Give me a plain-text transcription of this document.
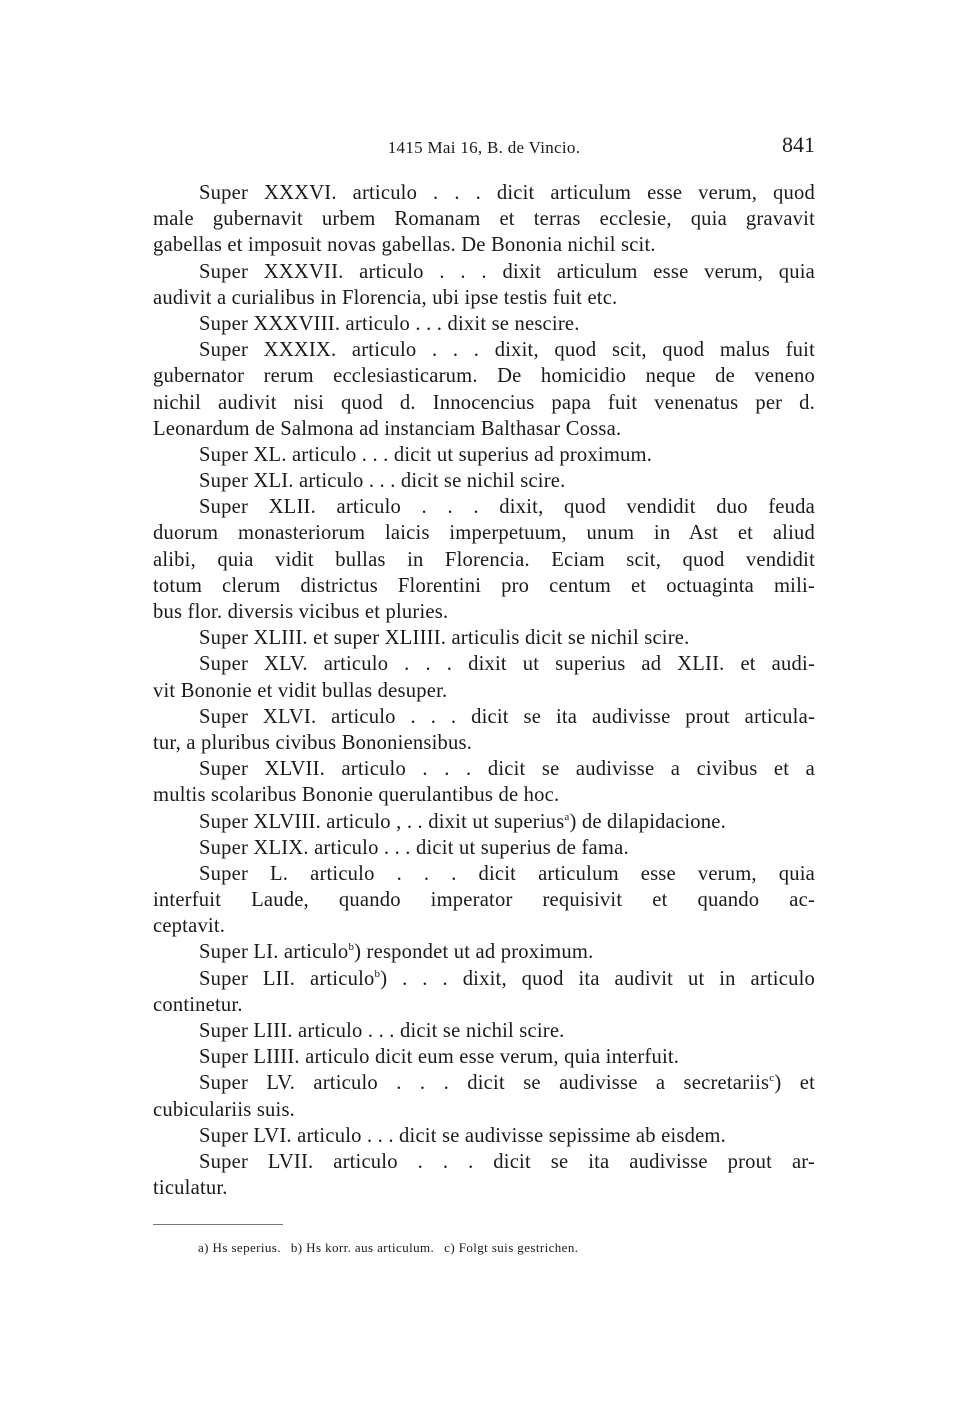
1415 Mai 16, B. de Vincio.	841
Super XXXVI. articulo . . . dicit articulum esse verum, quod
male gubernavit urbem Romanam et terras ecclesie, quia gravavit
gabellas et imposuit novas gabellas. De Bononia nichil scit.
Super XXXVII. articulo . . . dixit articulum esse verum, quia
audivit a curialibus in Florencia, ubi ipse testis fuit etc.
Super XXXVIII. articulo . . . dixit se nescire.
Super XXXIX. articulo . . . dixit, quod scit, quod malus fuit
gubernator rerum ecclesiasticarum. De homicidio neque de veneno
nichil audivit nisi quod d. Innocencius papa fuit venenatus per d.
Leonardum de Salmona ad instanciam Balthasar Cossa.
Super XL. articulo . . . dicit ut superius ad proximum.
Super XLI. articulo . . . dicit se nichil scire.
Super XLII. articulo . . . dixit, quod vendidit duo feuda
duorum monasteriorum laicis imperpetuum, unum in Ast et aliud
alibi, quia vidit bullas in Florencia. Eciam scit, quod vendidit
totum clerum districtus Florentini pro centum et octuaginta mili-
bus flor. diversis vicibus et pluries.
Super XLIII. et super XLIIII. articulis dicit se nichil scire.
Super XLV. articulo . . . dixit ut superius ad XLII. et audi-
vit Bononie et vidit bullas desuper.
Super XLVI. articulo . . . dicit se ita audivisse prout articula-
tur, a pluribus civibus Bononiensibus.
Super XLVII. articulo . . . dicit se audivisse a civibus et a
multis scolaribus Bononie querulantibus de hoc.
Super XLVIII. articulo , . . dixit ut superius$^a$) de dilapidacione.
Super XLIX. articulo . . . dicit ut superius de fama.
Super L. articulo . . . dicit articulum esse verum, quia
interfuit Laude, quando imperator requisivit et quando ac-
ceptavit.
Super LI. articulo$^b$) respondet ut ad proximum.
Super LII. articulo$^b$) . . . dixit, quod ita audivit ut in articulo
continetur.
Super LIII. articulo . . . dicit se nichil scire.
Super LIIII. articulo dicit eum esse verum, quia interfuit.
Super LV. articulo . . . dicit se audivisse a secretariis$^c$) et
cubiculariis suis.
Super LVI. articulo . . . dicit se audivisse sepissime ab eisdem.
Super LVII. articulo . . . dicit se ita audivisse prout ar-
ticulatur.
a) Hs seperius. b) Hs korr. aus articulum. c) Folgt suis gestrichen.
